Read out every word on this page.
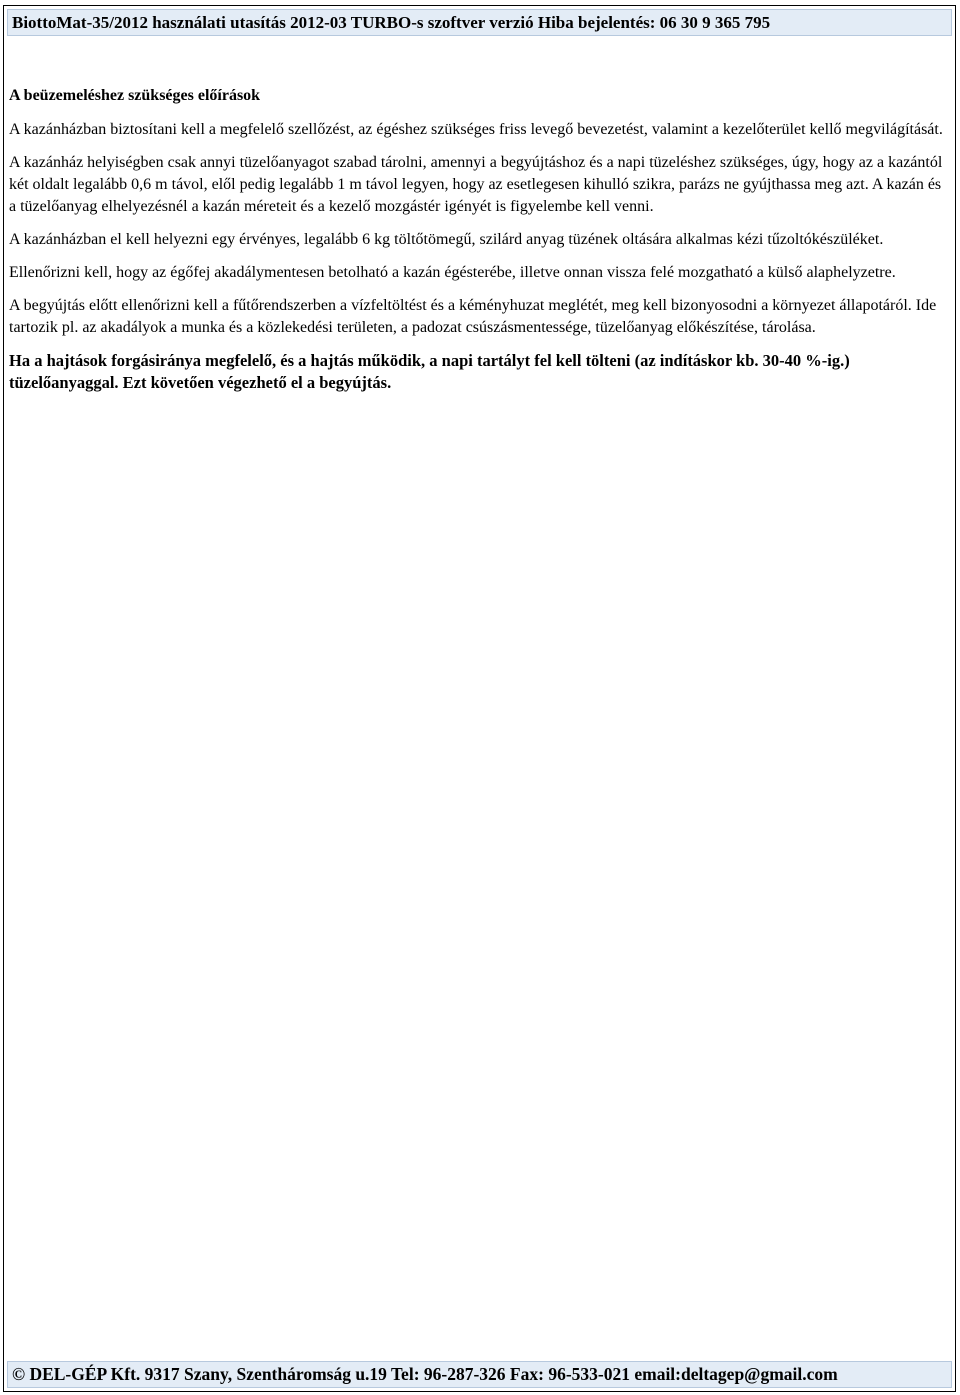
BiottoMat-35/2012 használati utasítás 2012-03 TURBO-s szoftver verzió Hiba bejelentés: 06 30 9 365 795
A beüzemeléshez szükséges előírások

A kazánházban biztosítani kell a megfelelő szellőzést, az égéshez szükséges friss levegő bevezetést, valamint a kezelőterület kellő megvilágítását.

A kazánház helyiségben csak annyi tüzelőanyagot szabad tárolni, amennyi a begyújtáshoz és a napi tüzeléshez szükséges, úgy, hogy az a kazántól két oldalt legalább 0,6 m távol, elől pedig legalább 1 m távol legyen, hogy az esetlegesen kihulló szikra, parázs ne gyújthassa meg azt. A kazán és a tüzelőanyag elhelyezésnél a kazán méreteit és a kezelő mozgástér igényét is figyelembe kell venni.

A kazánházban el kell helyezni egy érvényes, legalább 6 kg töltőtömegű, szilárd anyag tüzének oltására alkalmas kézi tűzoltókészüléket.

Ellenőrizni kell, hogy az égőfej akadálymentesen betolható a kazán égésterébe, illetve onnan vissza felé mozgatható a külső alaphelyzetre.

A begyújtás előtt ellenőrizni kell a fűtőrendszerben a vízfeltöltést és a kéményhuzat meglétét, meg kell bizonyosodni a környezet állapotáról. Ide tartozik pl. az akadályok a munka és a közlekedési területen, a padozat csúszásmentessége, tüzelőanyag előkészítése, tárolása.

Ha a hajtások forgásiránya megfelelő, és a hajtás működik, a napi tartályt fel kell tölteni (az indításkor kb. 30-40 %-ig.) tüzelőanyaggal. Ezt követően végezhető el a begyújtás.

© DEL-GÉP Kft. 9317 Szany, Szentháromság u.19 Tel: 96-287-326 Fax: 96-533-021 email:deltagep@gmail.com
